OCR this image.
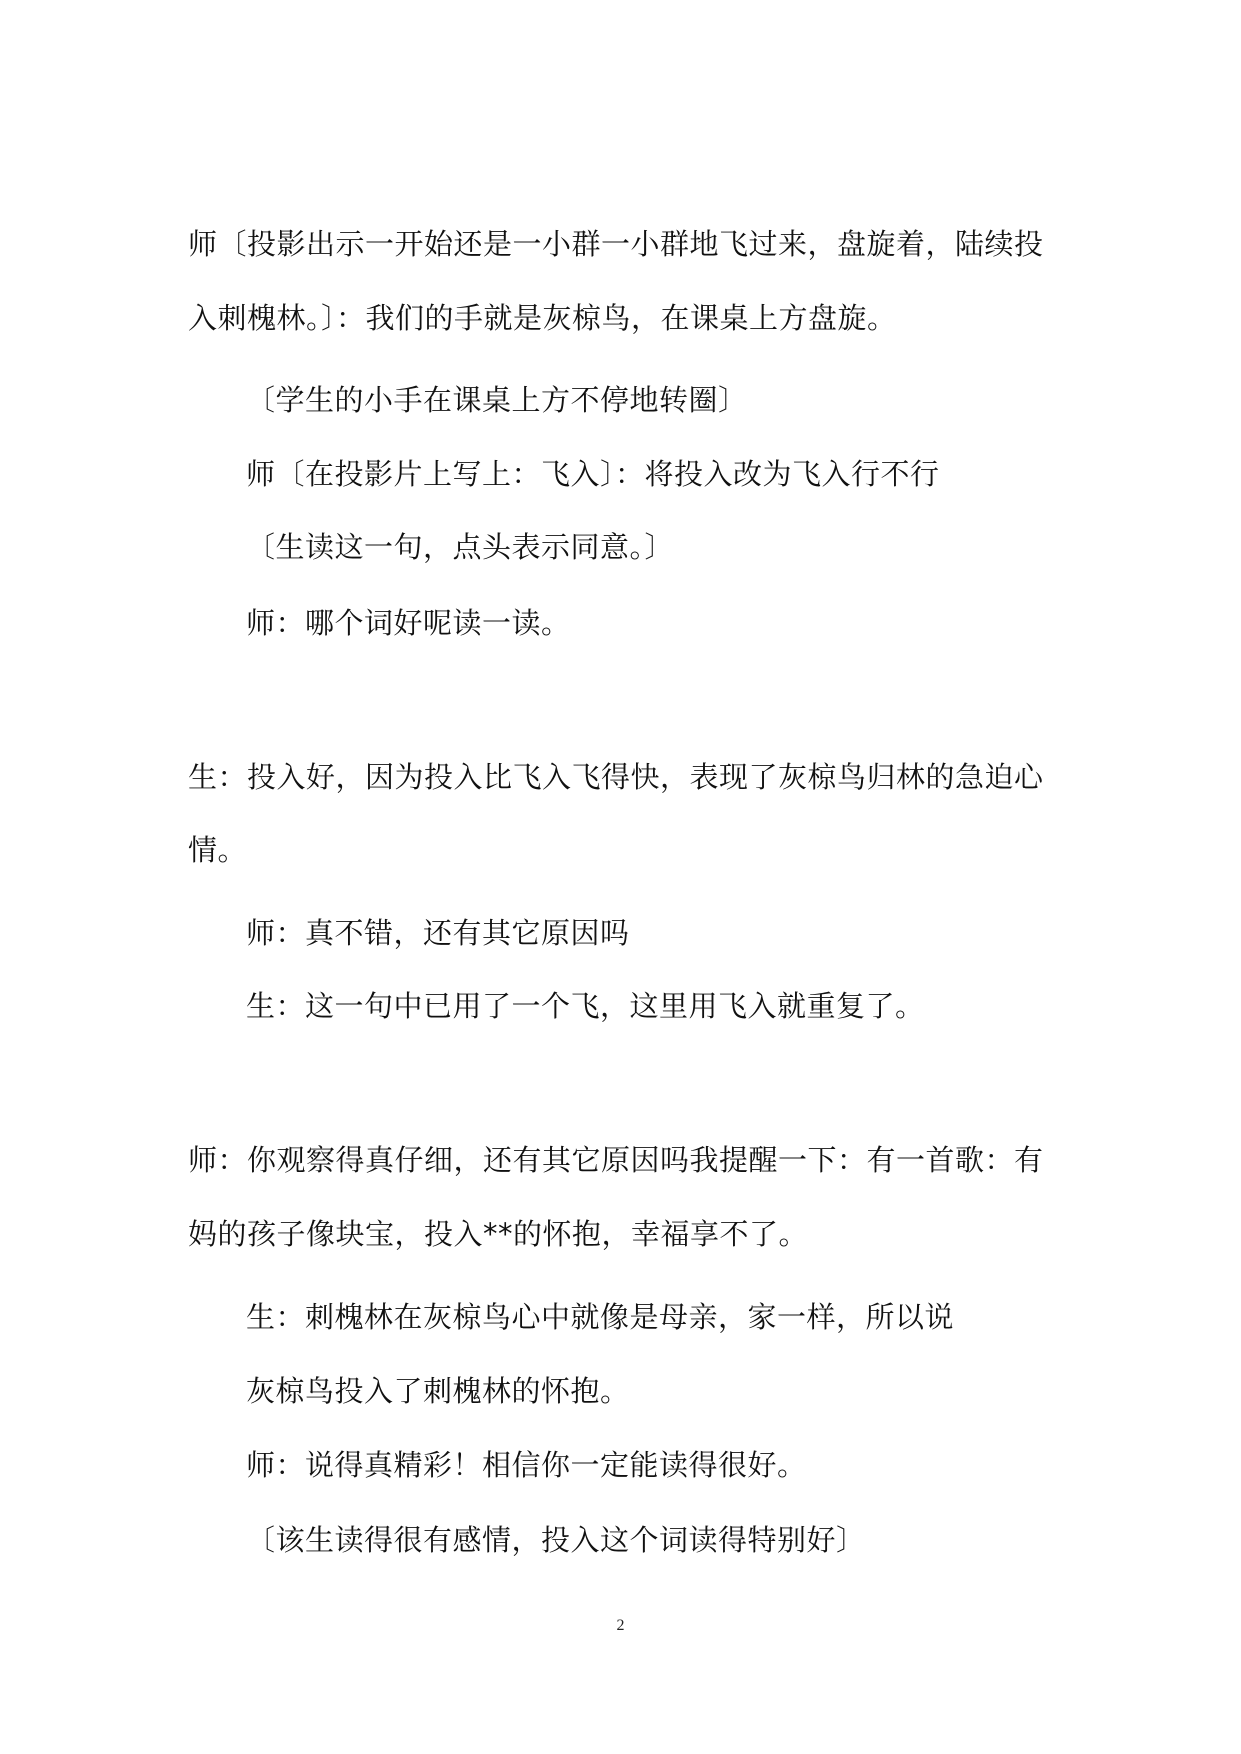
师〔投影出示一开始还是一小群一小群地飞过来，盘旋着，陆续投
入刺槐林。〕：我们的手就是灰椋鸟，在课桌上方盘旋。
〔学生的小手在课桌上方不停地转圈〕
师〔在投影片上写上：飞入〕：将投入改为飞入行不行
〔生读这一句，点头表示同意。〕
师：哪个词好呢读一读。
生：投入好，因为投入比飞入飞得快，表现了灰椋鸟归林的急迫心
情。
师：真不错，还有其它原因吗
生：这一句中已用了一个飞，这里用飞入就重复了。
师：你观察得真仔细，还有其它原因吗我提醒一下：有一首歌：有
妈的孩子像块宝，投入**的怀抱，幸福享不了。
生：刺槐林在灰椋鸟心中就像是母亲，家一样，所以说
灰椋鸟投入了刺槐林的怀抱。
师：说得真精彩！相信你一定能读得很好。
〔该生读得很有感情，投入这个词读得特别好〕
2
